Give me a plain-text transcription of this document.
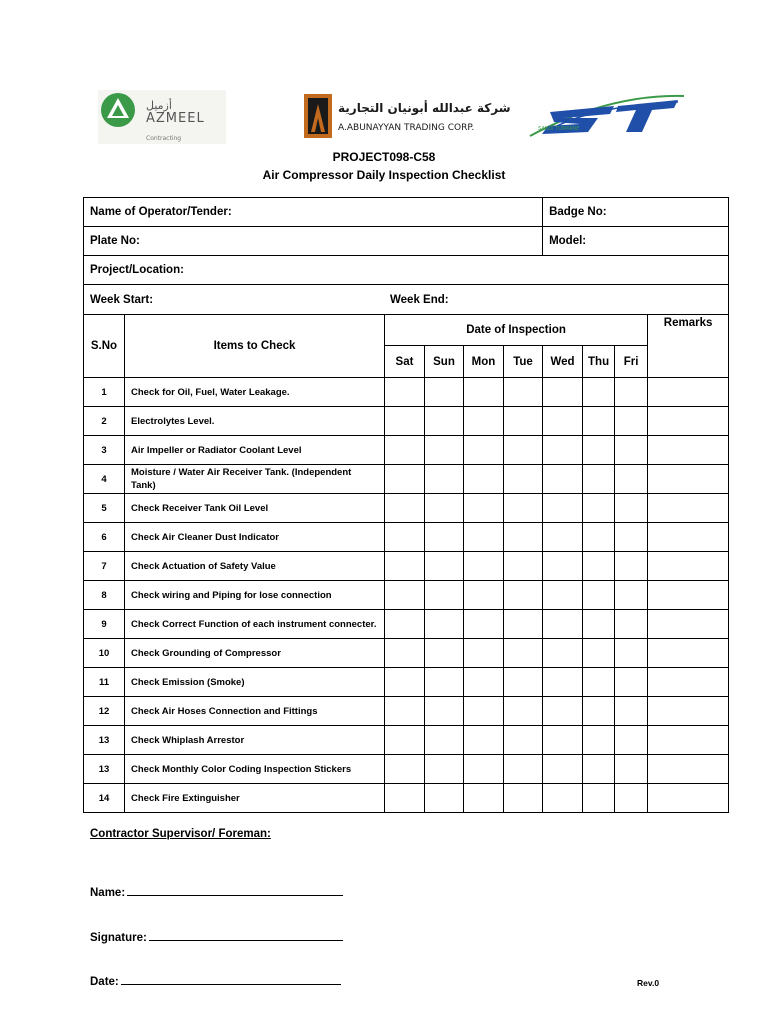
أزميل
AZMEEL
Contracting
شركة عبدالله أبونيان التجارية
A.ABUNAYYAN TRADING CORP.	SAUDI TUMPANE
PROJECT098-C58
Air Compressor Daily Inspection Checklist
Name of Operator/Tender:						Badge No:			
Plate No:						Model:			
Project/Location:									
Week Start: Week End:									
S.No	Items to Check	Date of Inspection							Remarks
		Sat	Sun	Mon	Tue	Wed	Thu	Fri	
1	Check for Oil, Fuel, Water Leakage.								
2	Electrolytes Level.								
3	Air Impeller or Radiator Coolant Level								
4	Moisture / Water Air Receiver Tank. (Independent Tank)								
5	Check Receiver Tank Oil Level								
6	Check Air Cleaner Dust Indicator								
7	Check Actuation of Safety Value								
8	Check wiring and Piping for lose connection								
9	Check Correct Function of each instrument connecter.								
10	Check Grounding of Compressor								
11	Check Emission (Smoke)								
12	Check Air Hoses Connection and Fittings								
13	Check Whiplash Arrestor								
13	Check Monthly Color Coding Inspection Stickers								
14	Check Fire Extinguisher								
Contractor Supervisor/ Foreman:
Name:
Signature:
Date:	Rev.0
